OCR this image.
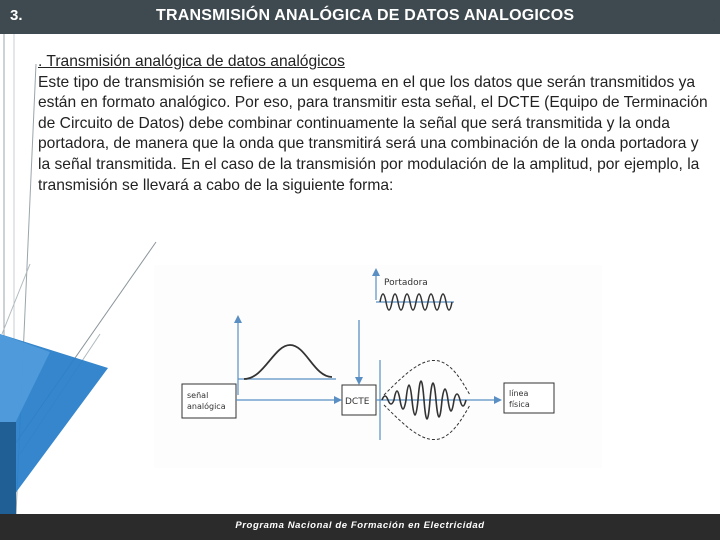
3.	TRANSMISIÓN ANALÓGICA DE DATOS ANALOGICOS	.
. Transmisión analógica de datos analógicos
Este tipo de transmisión se refiere a un esquema en el que los datos que serán transmitidos ya están en formato analógico. Por eso, para transmitir esta señal, el DCTE (Equipo de Terminación de Circuito de Datos) debe combinar continuamente la señal que será transmitida y la onda portadora, de manera que la onda que transmitirá será una combinación de la onda portadora y la señal transmitida. En el caso de la transmisión por modulación de la amplitud, por ejemplo, la transmisión se llevará a cabo de la siguiente forma:
señal
analógica	DCTE
Portadora
línea
física
Programa Nacional de Formación en Electricidad
